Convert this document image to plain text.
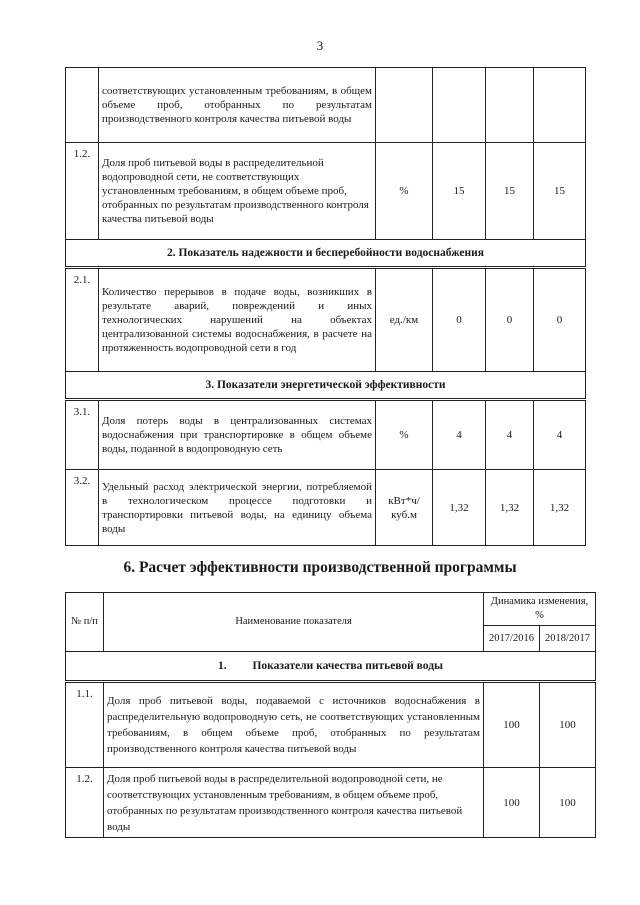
3
	соответствующих установленным требованиям, в общем объеме проб, отобранных по результатам производственного контроля качества питьевой воды				
1.2.	Доля проб питьевой воды в распределительной водопроводной сети, не соответствующих установленным требованиям, в общем объеме проб, отобранных по результатам производственного контроля качества питьевой воды	%	15	15	15
2. Показатель надежности и бесперебойности водоснабжения					
2.1.	Количество перерывов в подаче воды, возникших в результате аварий, повреждений и иных технологических нарушений на объектах централизованной системы водоснабжения, в расчете на протяженность водопроводной сети в год	ед./км	0	0	0
3. Показатели энергетической эффективности					
3.1.	Доля потерь воды в централизованных системах водоснабжения при транспортировке в общем объеме воды, поданной в водопроводную сеть	%	4	4	4
3.2.	Удельный расход электрической энергии, потребляемой в технологическом процессе подготовки и транспортировки питьевой воды, на единицу объема воды	кВт*ч/ куб.м	1,32	1,32	1,32
6. Расчет эффективности производственной программы
№ п/п	Наименование показателя	Динамика изменения, %	
		2017/2016	2018/2017
1.         Показатели качества питьевой воды			
1.1.	Доля проб питьевой воды, подаваемой с источников водоснабжения в распределительную водопроводную сеть, не соответствующих установленным требованиям, в общем объеме проб, отобранных по результатам производственного контроля качества питьевой воды	100	100
1.2.	Доля проб питьевой воды в распределительной водопроводной сети, не соответствующих установленным требованиям, в общем объеме проб, отобранных по результатам производственного контроля качества питьевой воды	100	100
